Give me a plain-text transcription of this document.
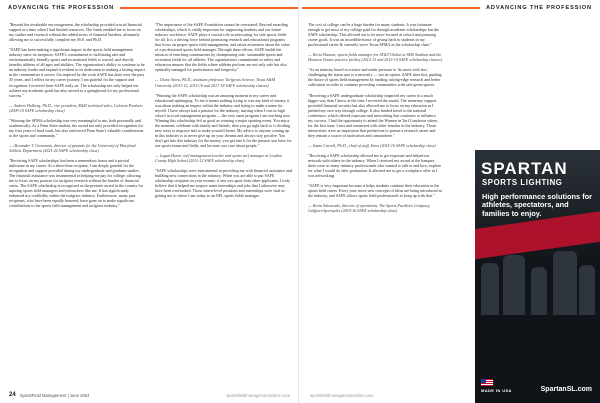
ADVANCING THE PROFESSION

"Beyond the invaluable encouragement, the scholarship provided crucial financial support at a time when I had limited resources. The funds enabled me to focus on my studies and research without the added stress of financial burdens, ultimately allowing me to successfully complete my M.S. and Ph.D.

"SAFE has been making a significant impact in the sports field management industry since its inception. SAFE's commitment to facilitating safe and environmentally friendly sports and recreational fields is crucial, and directly benefits athletes of all ages and abilities. The organization's ability to continue to be an industry leader and expand is evident in its dedication to making a lasting impact in the communities it serves. I'm inspired by the work SAFE has done over the past 35 years, and I reflect on my career journey, I am grateful for the support and recognition I received from SAFE early on. The scholarship not only helped me achieve my academic goals but also served as a springboard for my professional success."

— Andrew Holberg, Ph.D., vice president, R&D technical sales, Calcium Products (2009-10 SAFE scholarship class)

"Winning the SFMA scholarship was very meaningful to me, both personally and academically. As a Penn State student, the award not only provided recognition for my four years of hard work, but also reinforced Penn State's valuable contributions to the sports turf community."

— Alexander T. Grossman, director of grounds for the University of Maryland Athletic Department (2021-22 SAFE scholarship class)

"Receiving SAFE scholarships has been a tremendous honor and a pivotal milestone in my career. As a three-time recipient, I am deeply grateful for the recognition and support provided during my undergraduate and graduate studies. The financial assistance was instrumental in helping me pay for college, allowing me to focus on my passion for turfgrass research without the burden of financial stress. The SAFE scholarship is recognized as the premier award in the country for aspiring sports field managers and researchers like me. It has significantly enhanced my credibility within the turfgrass industry. Furthermore, many past recipients, who have been equally honored, have gone on to make significant contributions to the sports field management and turfgrass industry."

"The importance of the SAFE Foundation cannot be overstated. Beyond awarding scholarships, which is vitally important for supporting students and our future industry workforce, SAFE plays a crucial role in advocating for safe sports fields for all. It is a driving force behind promoting research and educational programs that focus on proper sports field management, and raises awareness about the value of a professional sports field manager. Through these efforts, SAFE builds the mission of enriching communities by championing safe, sustainable sports and recreation fields for all athletes. The organization's commitment to safety and education ensures that the fields where athletes perform are not only safe but also optimally managed for performance and longevity."

— Chase Straw, Ph.D., assistant professor, Turfgrass Science, Texas A&M University (2011-12, 2015-16 and 2017-18 SAFE scholarship classes)

"Winning the SAFE scholarship was an amazing moment in my career and educational upbringing. To me it meant nothing trying to win any kind of money, it was about making an impact within the industry and trying to make a name for myself. I have always had a passion for the industry, starting when I was in high school in a turf management program — the very same program I am teaching now. Winning this scholarship felt as good as winning a major sporting event. You enjoy the moment, celebrate with family and friends, then you go right back to it dividing new ways to improve and to make yourself better. My advice to anyone coming up in this industry is to never give up on your dreams and always stay positive. You don't get into this industry for the money, you get into it for the passion you have for our sports teams and fields, and because you care about people."

— Logan Horne, turf management teacher and sports turf manager at Loudon County High School (2011-12 SAFE scholarship class)

"SAFE scholarships were instrumental in providing me with financial assistance and building new connections in the industry. When you are able to put SAFE scholarship recipient on your resume, it sets you apart from other applicants. I truly believe that it helped me acquire some internships and jobs that I otherwise may have been overlooked. Those intern-level positions and internships were vital in getting me to where I am today as an NFL sports fields manager.

24 SportsField Management | June 2024	sportsfieldmanagementonline.com
ADVANCING THE PROFESSION

The cost of college can be a huge burden for many students. It was fortunate enough to get most of my college paid for through academic scholarships but the SAFE scholarship. This allowed me to be more focused at school and pursuing career goals. It was an incredible honor of giving back to students in my professional career & currently serve Texas SFMA as the scholarship chair."

— Kevin Hansen, sports fields manager for AT&T Global at SMS Stadium and the Houston Texans practice facility (2012-13 and 2013-14 SAFE scholarship classes)

"As an industry based in science and under pressure to 'do more with less,' challenging the status quo is a necessity — not an option. SAFE does this, guiding the future of sports field management by funding cutting-edge research and better cultivation in order to continue providing communities with safe green spaces.

"Receiving a SAFE undergraduate scholarship impacted my career in a much bigger way than I know at the time I received the award. The monetary support provided financial security but also allowed me to focus on my education as I pushed my own way through college. It also funded travel to the national conference, which offered exposure and networking that continues to influence my success. I had the opportunity to attend the Women in Turf Luncheon where, for the first time, I met and connected with other females in the industry. Those interactions were an inspiration that pushed me to pursue a research career and they remain a source of motivation and camaraderie."

— Susan Carroll, Ph.D., chief of staff, Envu (2015-16 SAFE scholarship class)

"Receiving a SAFE scholarship allowed me to get exposure and helped me network with others in the industry. When I received my award at the banquet, there were so many industry professionals who wanted to talk to and how, explore for what I would do after graduation. It allowed me to get a workplace offer as I was networking.

"SAFE is very important because it helps students continue their education in the sports field career. Every year, more new concepts of ideas are being introduced in the industry, and SAFE allows sports field professionals to keep up with that."

— Kevin Salvarado, director of operations, The Sports Facilities Company, Gulfport-Sportsplex (2015-16 SAFE scholarship class)

sportsfieldmanagementonline.com
SPARTAN
SPORTS LIGHTING
High performance solutions for athletes, spectators, and families to enjoy.
MADE IN USA	SpartanSL.com
